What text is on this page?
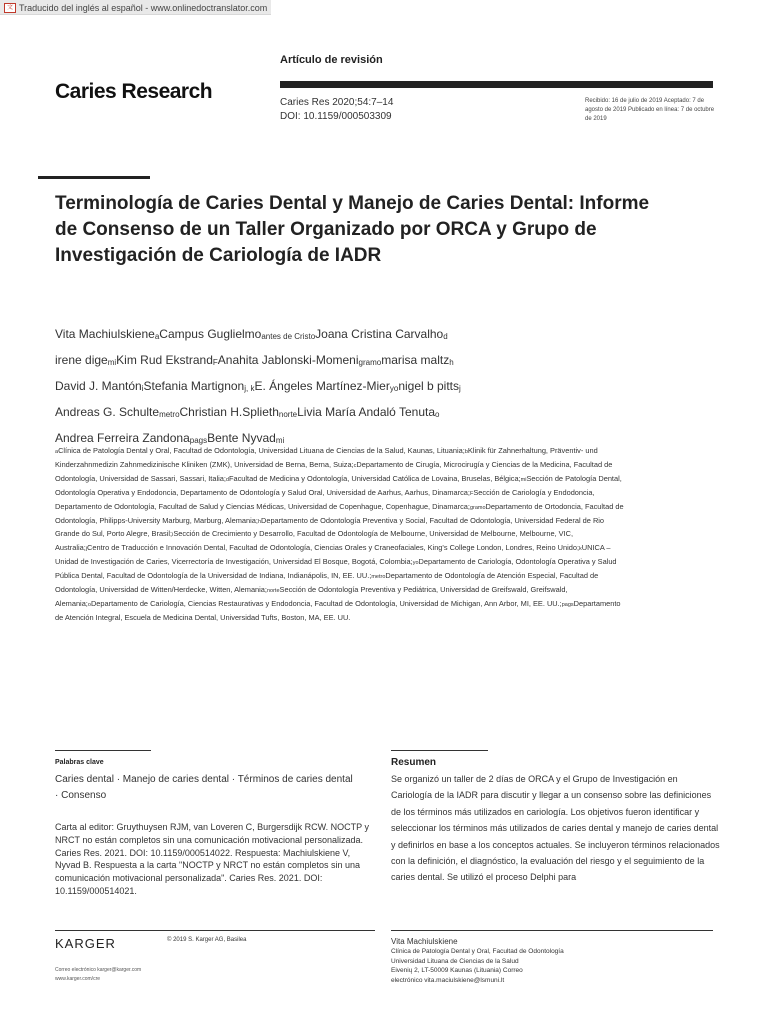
文 Traducido del inglés al español - www.onlinedoctranslator.com
Artículo de revisión
Caries Research	Caries Res 2020;54:7–14
DOI: 10.1159/000503309
Recibido: 16 de julio de 2019 Aceptado: 7 de agosto de 2019 Publicado en línea: 7 de octubre de 2019
Terminología de Caries Dental y Manejo de Caries Dental: Informe de Consenso de un Taller Organizado por ORCA y Grupo de Investigación de Cariología de IADR
Vita Machiulskiene$^a$Campus Guglielmo$^{antes de Cristo}$Joana Cristina Carvalho$^d$
irene dige$^{mi}$Kim Rud Ekstrand$^F$Anahita Jablonski-Momeni$^{gramo}$marisa maltz$^h$
David J. Mantón$^i$Stefania Martignon$^{j, k}$E. Ángeles Martínez-Mier$^{yo}$nigel b pitts$^j$
Andreas G. Schulte$^{metro}$Christian H.Splieth$^{norte}$Livia María Andaló Tenuta$^o$
Andrea Ferreira Zandona$^{pags}$Bente Nyvad$^{mi}$
aClínica de Patología Dental y Oral, Facultad de Odontología, Universidad Lituana de Ciencias de la Salud, Kaunas, Lituania;bKlinik für Zahnerhaltung, Präventiv- und Kinderzahnmedizin Zahnmedizinische Kliniken (ZMK), Universidad de Berna, Berna, Suiza;cDepartamento de Cirugía, Microcirugía y Ciencias de la Medicina, Facultad de Odontología, Universidad de Sassari, Sassari, Italia;dFacultad de Medicina y Odontología, Universidad Católica de Lovaina, Bruselas, Bélgica;miSección de Patología Dental, Odontología Operativa y Endodoncia, Departamento de Odontología y Salud Oral, Universidad de Aarhus, Aarhus, Dinamarca;FSección de Cariología y Endodoncia, Departamento de Odontología, Facultad de Salud y Ciencias Médicas, Universidad de Copenhague, Copenhague, Dinamarca;gramoDepartamento de Ortodoncia, Facultad de Odontología, Philipps-University Marburg, Marburg, Alemania;hDepartamento de Odontología Preventiva y Social, Facultad de Odontología, Universidad Federal de Rio Grande do Sul, Porto Alegre, Brasil;iSección de Crecimiento y Desarrollo, Facultad de Odontología de Melbourne, Universidad de Melbourne, Melbourne, VIC, Australia;jCentro de Traducción e Innovación Dental, Facultad de Odontología, Ciencias Orales y Craneofaciales, King's College London, Londres, Reino Unido;kUNICA – Unidad de Investigación de Caries, Vicerrectoría de Investigación, Universidad El Bosque, Bogotá, Colombia;yoDepartamento de Cariología, Odontología Operativa y Salud Pública Dental, Facultad de Odontología de la Universidad de Indiana, Indianápolis, IN, EE. UU.;metroDepartamento de Odontología de Atención Especial, Facultad de Odontología, Universidad de Witten/Herdecke, Witten, Alemania;norteSección de Odontología Preventiva y Pediátrica, Universidad de Greifswald, Greifswald, Alemania;oDepartamento de Cariología, Ciencias Restaurativas y Endodoncia, Facultad de Odontología, Universidad de Michigan, Ann Arbor, MI, EE. UU.;pagsDepartamento de Atención Integral, Escuela de Medicina Dental, Universidad Tufts, Boston, MA, EE. UU.
Palabras clave
Caries dental · Manejo de caries dental · Términos de caries dental · Consenso
Carta al editor: Gruythuysen RJM, van Loveren C, Burgersdijk RCW. NOCTP y NRCT no están completos sin una comunicación motivacional personalizada. Caries Res. 2021. DOI: 10.1159/000514022. Respuesta: Machiulskiene V, Nyvad B. Respuesta a la carta "NOCTP y NRCT no están completos sin una comunicación motivacional personalizada". Caries Res. 2021. DOI: 10.1159/000514021.
Resumen
Se organizó un taller de 2 días de ORCA y el Grupo de Investigación en Cariología de la IADR para discutir y llegar a un consenso sobre las definiciones de los términos más utilizados en cariología. Los objetivos fueron identificar y seleccionar los términos más utilizados de caries dental y manejo de caries dental y definirlos en base a los conceptos actuales. Se incluyeron términos relacionados con la definición, el diagnóstico, la evaluación del riesgo y el seguimiento de la caries dental. Se utilizó el proceso Delphi para
KARGER	© 2019 S. Karger AG, Basilea
Correo electrónico karger@karger.com
www.karger.com/cre
Vita Machiulskiene
Clínica de Patología Dental y Oral, Facultad de Odontología
Universidad Lituana de Ciencias de la Salud
Eivenių 2, LT-50009 Kaunas (Lituania) Correo
electrónico vita.maciulskiene@lsmuni.lt
